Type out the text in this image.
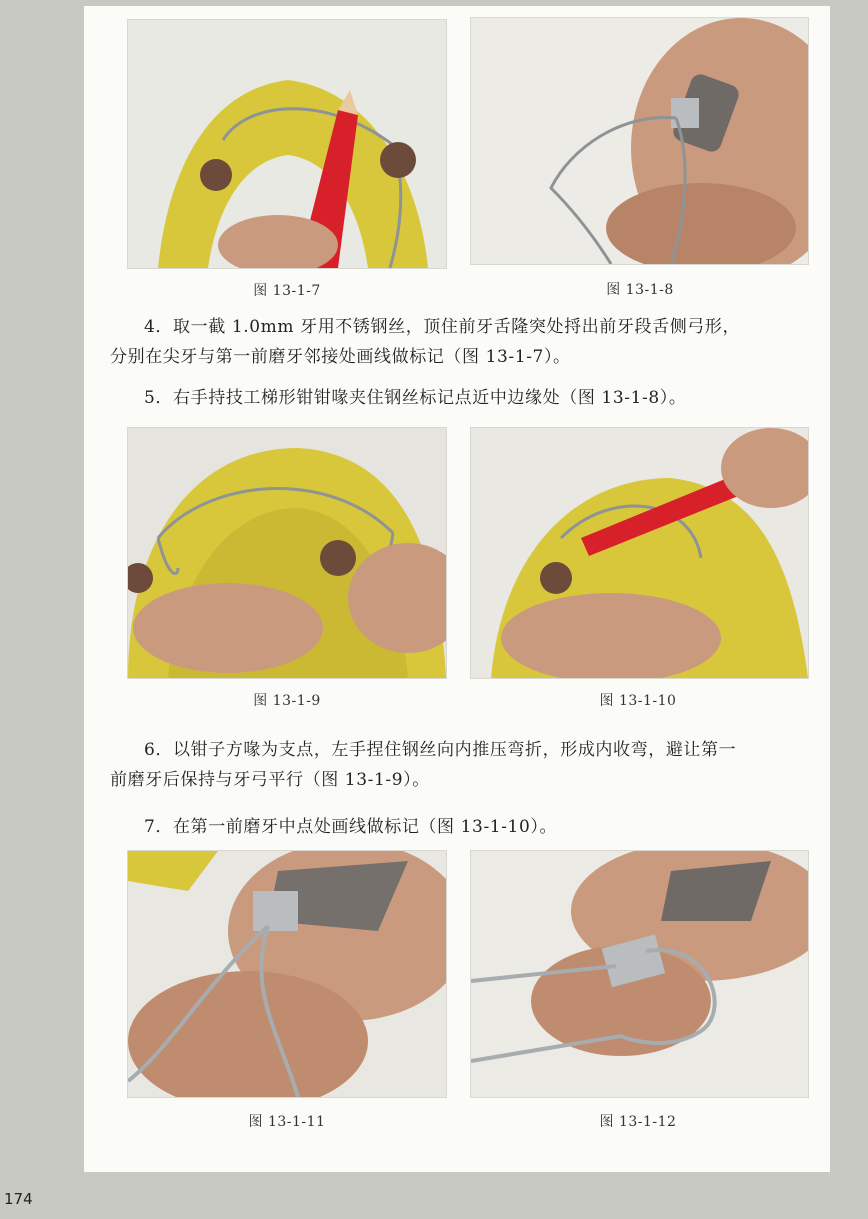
图 13-1-7	图 13-1-8

4．取一截 1.0mm 牙用不锈钢丝，顶住前牙舌隆突处捋出前牙段舌侧弓形，
分别在尖牙与第一前磨牙邻接处画线做标记（图 13-1-7）。

5．右手持技工梯形钳钳喙夹住钢丝标记点近中边缘处（图 13-1-8）。

图 13-1-9	图 13-1-10

6．以钳子方喙为支点，左手捏住钢丝向内推压弯折，形成内收弯，避让第一
前磨牙后保持与牙弓平行（图 13-1-9）。

7．在第一前磨牙中点处画线做标记（图 13-1-10）。

图 13-1-11	图 13-1-12
174
